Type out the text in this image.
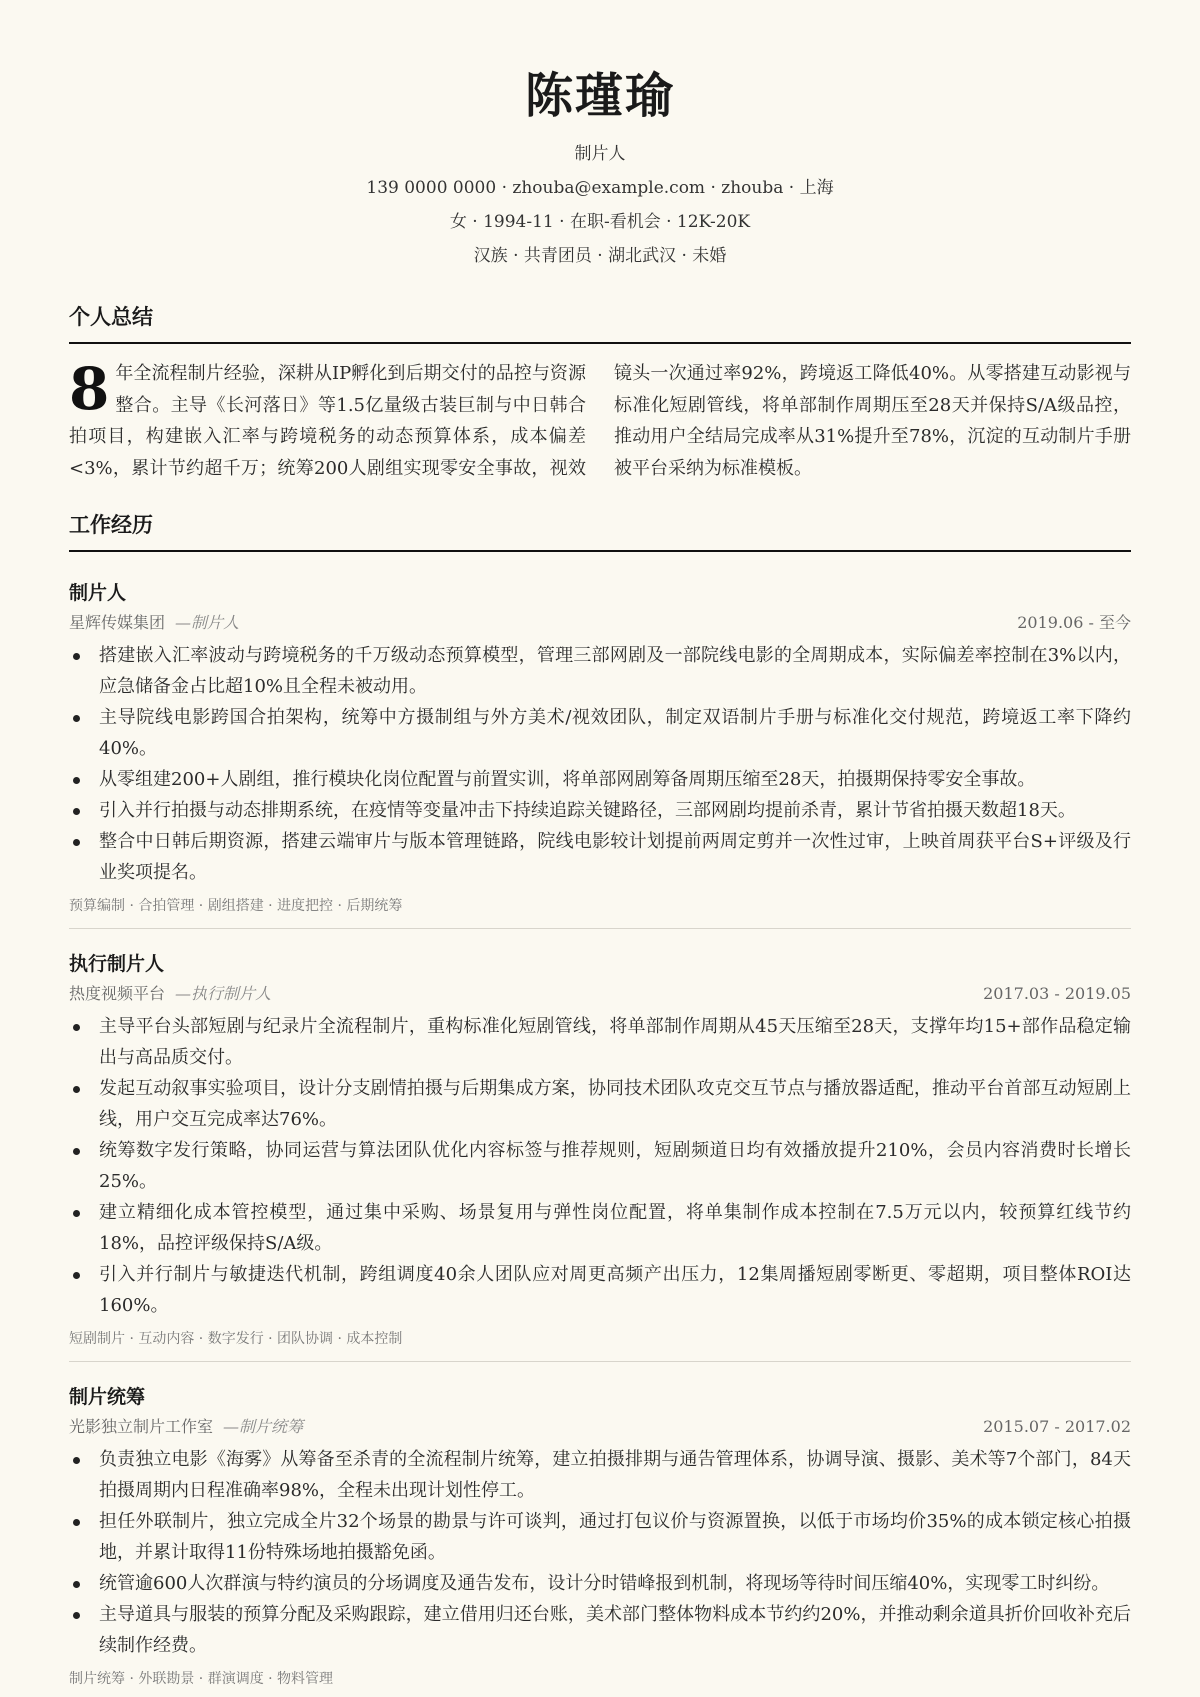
陈瑾瑜
制片人
139 0000 0000 · zhouba@example.com · zhouba · 上海
女 · 1994-11 · 在职-看机会 · 12K-20K
汉族 · 共青团员 · 湖北武汉 · 未婚
个人总结
8 年全流程制片经验，深耕从IP孵化到后期交付的品控与资源整合。主导《长河落日》等1.5亿量级古装巨制与中日韩合拍项目，构建嵌入汇率与跨境税务的动态预算体系，成本偏差<3%，累计节约超千万；统筹200人剧组实现零安全事故，视效镜头一次通过率92%，跨境返工降低40%。从零搭建互动影视与标准化短剧管线，将单部制作周期压至28天并保持S/A级品控，推动用户全结局完成率从31%提升至78%，沉淀的互动制片手册被平台采纳为标准模板。
工作经历
制片人
星辉传媒集团 —制片人	2019.06 - 至今
搭建嵌入汇率波动与跨境税务的千万级动态预算模型，管理三部网剧及一部院线电影的全周期成本，实际偏差率控制在3%以内，应急储备金占比超10%且全程未被动用。
主导院线电影跨国合拍架构，统筹中方摄制组与外方美术/视效团队，制定双语制片手册与标准化交付规范，跨境返工率下降约40%。
从零组建200+人剧组，推行模块化岗位配置与前置实训，将单部网剧筹备周期压缩至28天，拍摄期保持零安全事故。
引入并行拍摄与动态排期系统，在疫情等变量冲击下持续追踪关键路径，三部网剧均提前杀青，累计节省拍摄天数超18天。
整合中日韩后期资源，搭建云端审片与版本管理链路，院线电影较计划提前两周定剪并一次性过审，上映首周获平台S+评级及行业奖项提名。
预算编制 · 合拍管理 · 剧组搭建 · 进度把控 · 后期统筹
执行制片人
热度视频平台 —执行制片人	2017.03 - 2019.05
主导平台头部短剧与纪录片全流程制片，重构标准化短剧管线，将单部制作周期从45天压缩至28天，支撑年均15+部作品稳定输出与高品质交付。
发起互动叙事实验项目，设计分支剧情拍摄与后期集成方案，协同技术团队攻克交互节点与播放器适配，推动平台首部互动短剧上线，用户交互完成率达76%。
统筹数字发行策略，协同运营与算法团队优化内容标签与推荐规则，短剧频道日均有效播放提升210%，会员内容消费时长增长25%。
建立精细化成本管控模型，通过集中采购、场景复用与弹性岗位配置，将单集制作成本控制在7.5万元以内，较预算红线节约18%，品控评级保持S/A级。
引入并行制片与敏捷迭代机制，跨组调度40余人团队应对周更高频产出压力，12集周播短剧零断更、零超期，项目整体ROI达160%。
短剧制片 · 互动内容 · 数字发行 · 团队协调 · 成本控制
制片统筹
光影独立制片工作室 —制片统筹	2015.07 - 2017.02
负责独立电影《海雾》从筹备至杀青的全流程制片统筹，建立拍摄排期与通告管理体系，协调导演、摄影、美术等7个部门，84天拍摄周期内日程准确率98%，全程未出现计划性停工。
担任外联制片，独立完成全片32个场景的勘景与许可谈判，通过打包议价与资源置换，以低于市场均价35%的成本锁定核心拍摄地，并累计取得11份特殊场地拍摄豁免函。
统管逾600人次群演与特约演员的分场调度及通告发布，设计分时错峰报到机制，将现场等待时间压缩40%，实现零工时纠纷。
主导道具与服装的预算分配及采购跟踪，建立借用归还台账，美术部门整体物料成本节约约20%，并推动剩余道具折价回收补充后续制作经费。
制片统筹 · 外联勘景 · 群演调度 · 物料管理
